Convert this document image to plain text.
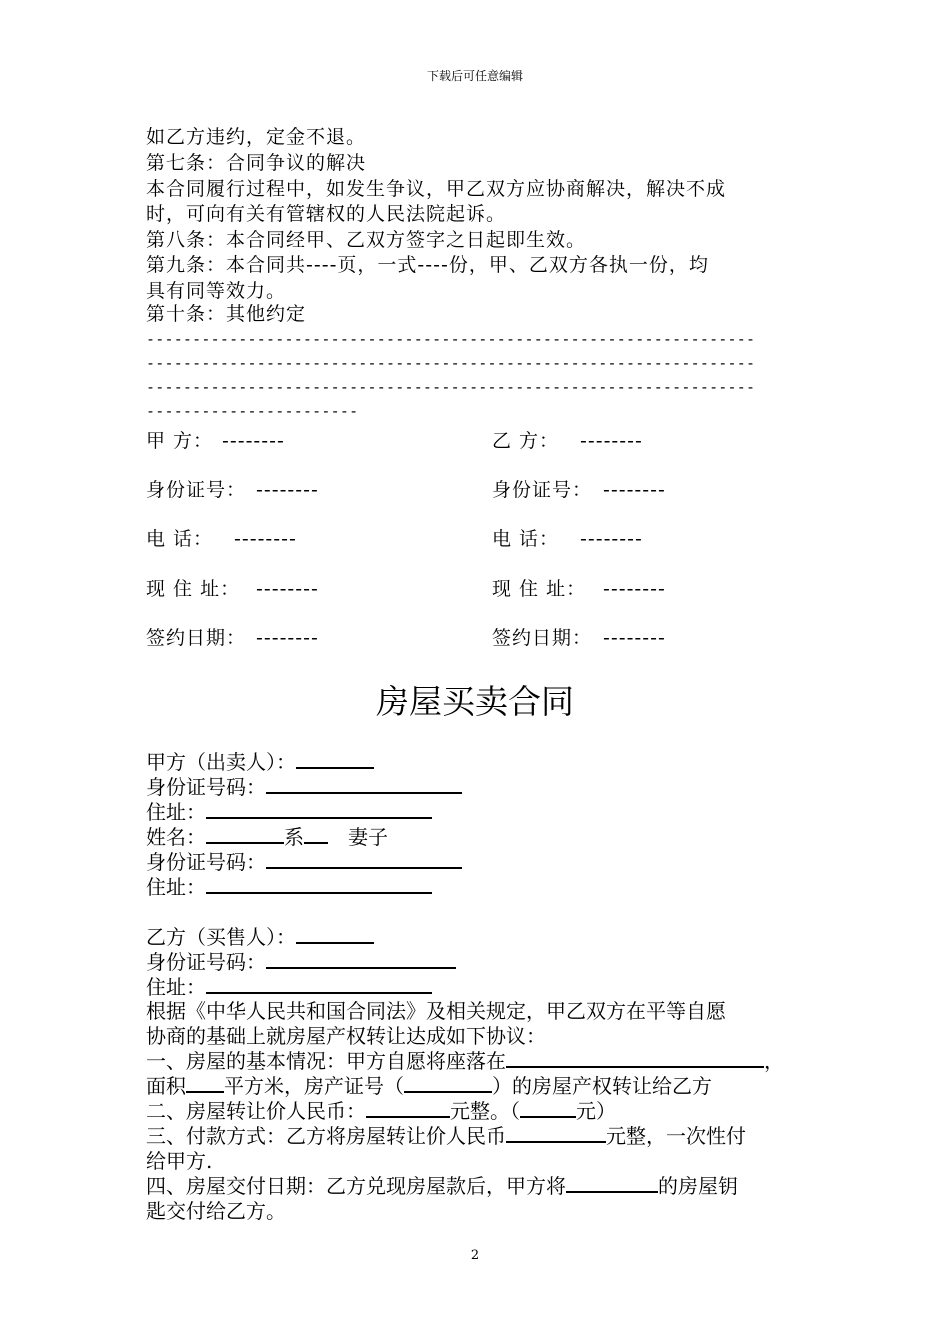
下载后可任意编辑
如乙方违约，定金不退。
第七条：合同争议的解决
本合同履行过程中，如发生争议，甲乙双方应协商解决，解决不成
时，可向有关有管辖权的人民法院起诉。
第八条：本合同经甲、乙双方签字之日起即生效。
第九条：本合同共----页，一式----份，甲、乙双方各执一份，均
具有同等效力。
第十条：其他约定
------------------------------------------------------------------
------------------------------------------------------------------
------------------------------------------------------------------
-----------------------
甲 方： --------	乙 方： --------
身份证号： --------	身份证号： --------
电 话： --------	电 话： --------
现 住 址： --------	现 住 址： --------
签约日期： --------	签约日期： --------
房屋买卖合同
甲方（出卖人）：
身份证号码：
住址：
姓名：	系 妻子
身份证号码：
住址：
乙方（买售人）：
身份证号码：
住址：
根据《中华人民共和国合同法》及相关规定，甲乙双方在平等自愿
协商的基础上就房屋产权转让达成如下协议：
一、房屋的基本情况：甲方自愿将座落在	，
面积 平方米，房产证号（	）的房屋产权转让给乙方
二、房屋转让价人民币：	元整。（	元）
三、付款方式：乙方将房屋转让价人民币	元整，一次性付
给甲方.
四、房屋交付日期：乙方兑现房屋款后，甲方将	的房屋钥
匙交付给乙方。
2
